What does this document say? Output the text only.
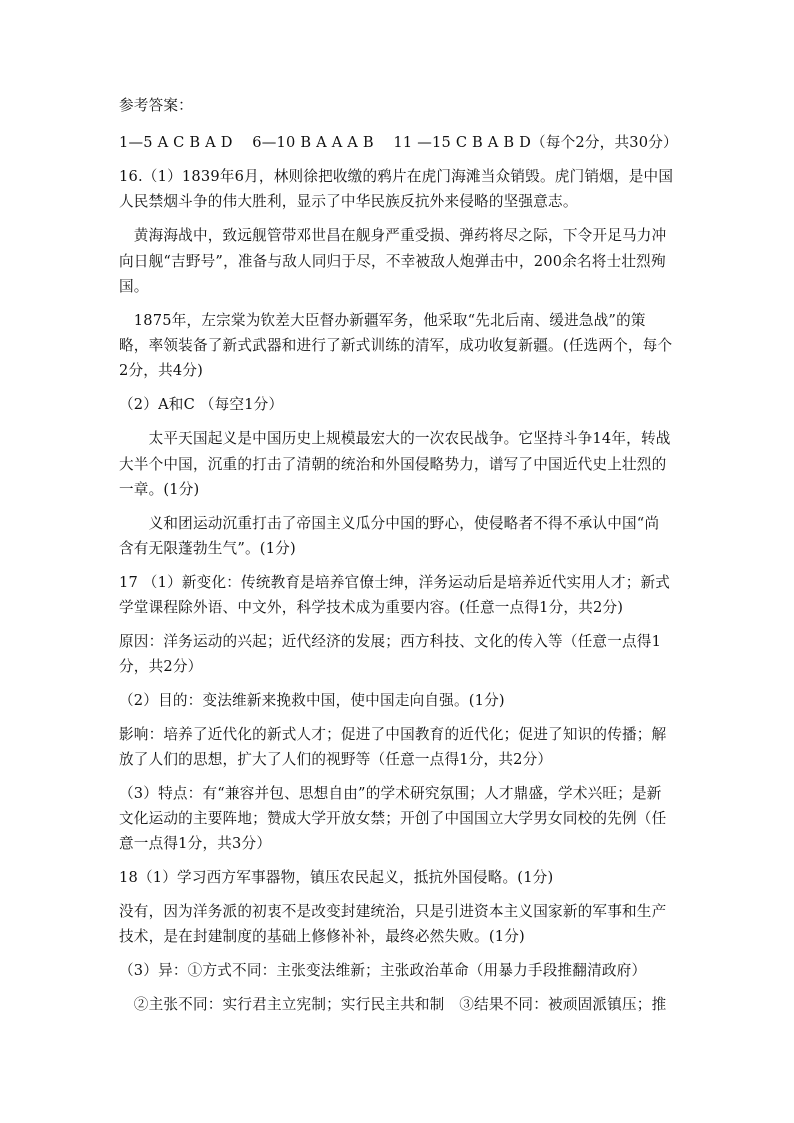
参考答案：
1—5 A C B A D　 6—10 B A A A B　 11 —15 C B A B D（每个2分，共30分）
16.（1）1839年6月，林则徐把收缴的鸦片在虎门海滩当众销毁。虎门销烟，是中国
人民禁烟斗争的伟大胜利，显示了中华民族反抗外来侵略的坚强意志。
　黄海海战中，致远舰管带邓世昌在舰身严重受损、弹药将尽之际，下令开足马力冲
向日舰“吉野号”，准备与敌人同归于尽，不幸被敌人炮弹击中，200余名将士壮烈殉
国。
　1875年，左宗棠为钦差大臣督办新疆军务，他采取“先北后南、缓进急战”的策
略，率领装备了新式武器和进行了新式训练的清军，成功收复新疆。(任选两个，每个
2分，共4分)
（2）A和C （每空1分）
　　太平天国起义是中国历史上规模最宏大的一次农民战争。它坚持斗争14年，转战
大半个中国，沉重的打击了清朝的统治和外国侵略势力，谱写了中国近代史上壮烈的
一章。(1分)
　　义和团运动沉重打击了帝国主义瓜分中国的野心，使侵略者不得不承认中国“尚
含有无限蓬勃生气”。(1分)
17 （1）新变化：传统教育是培养官僚士绅，洋务运动后是培养近代实用人才；新式
学堂课程除外语、中文外，科学技术成为重要内容。(任意一点得1分，共2分)
原因：洋务运动的兴起；近代经济的发展；西方科技、文化的传入等（任意一点得1
分，共2分）
（2）目的：变法维新来挽救中国，使中国走向自强。(1分)
影响：培养了近代化的新式人才；促进了中国教育的近代化；促进了知识的传播；解
放了人们的思想，扩大了人们的视野等（任意一点得1分，共2分）
（3）特点：有“兼容并包、思想自由”的学术研究氛围；人才鼎盛，学术兴旺；是新
文化运动的主要阵地；赞成大学开放女禁；开创了中国国立大学男女同校的先例（任
意一点得1分，共3分）
18（1）学习西方军事器物，镇压农民起义，抵抗外国侵略。(1分)
没有，因为洋务派的初衷不是改变封建统治，只是引进资本主义国家新的军事和生产
技术，是在封建制度的基础上修修补补，最终必然失败。(1分)
（3）异：①方式不同：主张变法维新；主张政治革命（用暴力手段推翻清政府）
　②主张不同：实行君主立宪制；实行民主共和制　③结果不同：被顽固派镇压；推
